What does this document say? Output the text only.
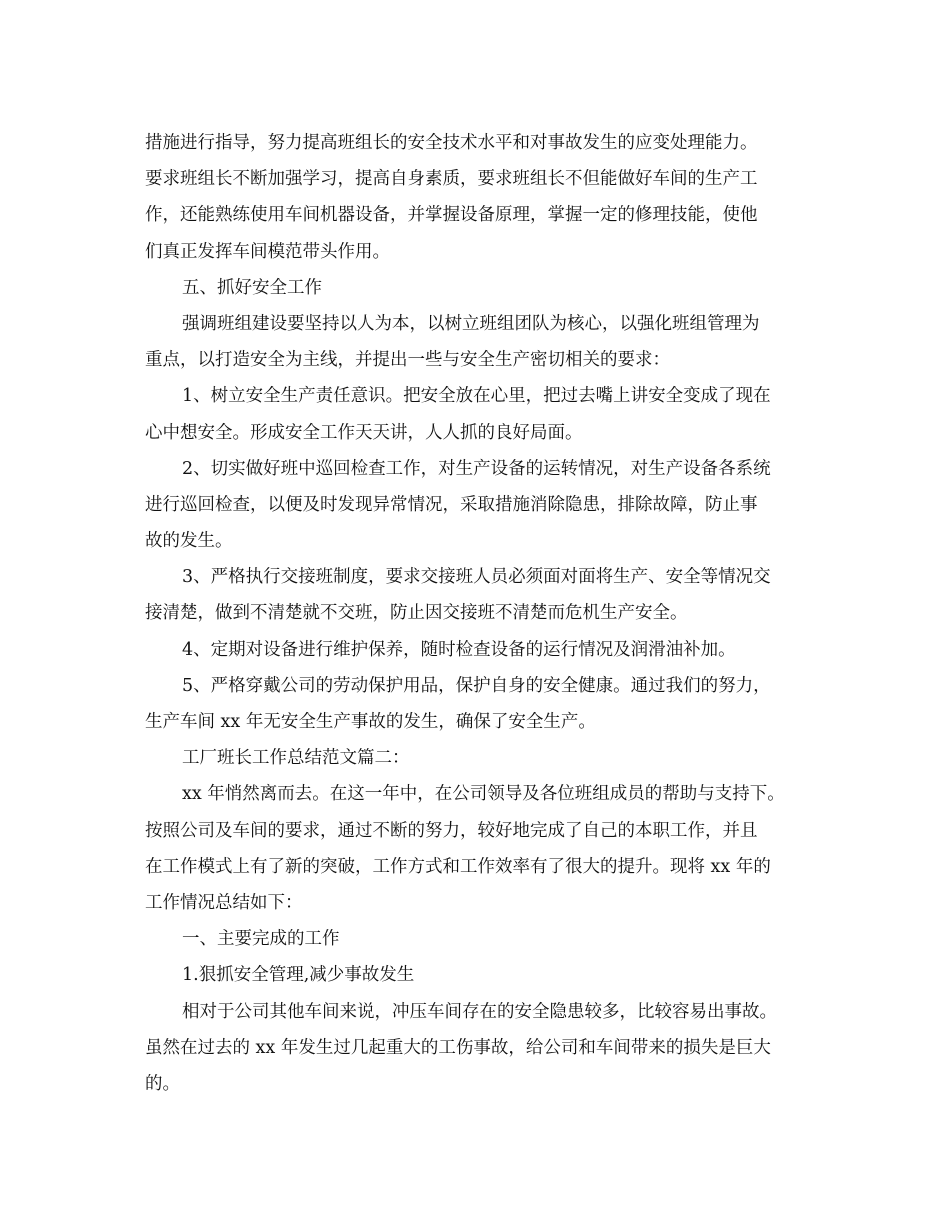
措施进行指导，努力提高班组长的安全技术水平和对事故发生的应变处理能力。
要求班组长不断加强学习，提高自身素质，要求班组长不但能做好车间的生产工
作，还能熟练使用车间机器设备，并掌握设备原理，掌握一定的修理技能，使他
们真正发挥车间模范带头作用。
五、抓好安全工作
强调班组建设要坚持以人为本，以树立班组团队为核心，以强化班组管理为
重点，以打造安全为主线，并提出一些与安全生产密切相关的要求：
1、树立安全生产责任意识。把安全放在心里，把过去嘴上讲安全变成了现在
心中想安全。形成安全工作天天讲，人人抓的良好局面。
2、切实做好班中巡回检查工作，对生产设备的运转情况，对生产设备各系统
进行巡回检查，以便及时发现异常情况，采取措施消除隐患，排除故障，防止事
故的发生。
3、严格执行交接班制度，要求交接班人员必须面对面将生产、安全等情况交
接清楚，做到不清楚就不交班，防止因交接班不清楚而危机生产安全。
4、定期对设备进行维护保养，随时检查设备的运行情况及润滑油补加。
5、严格穿戴公司的劳动保护用品，保护自身的安全健康。通过我们的努力，
生产车间 xx 年无安全生产事故的发生，确保了安全生产。
工厂班长工作总结范文篇二：
xx 年悄然离而去。在这一年中，在公司领导及各位班组成员的帮助与支持下。
按照公司及车间的要求，通过不断的努力，较好地完成了自己的本职工作，并且
在工作模式上有了新的突破，工作方式和工作效率有了很大的提升。现将 xx 年的
工作情况总结如下：
一、主要完成的工作
1.狠抓安全管理,减少事故发生
相对于公司其他车间来说，冲压车间存在的安全隐患较多，比较容易出事故。
虽然在过去的 xx 年发生过几起重大的工伤事故，给公司和车间带来的损失是巨大
的。
